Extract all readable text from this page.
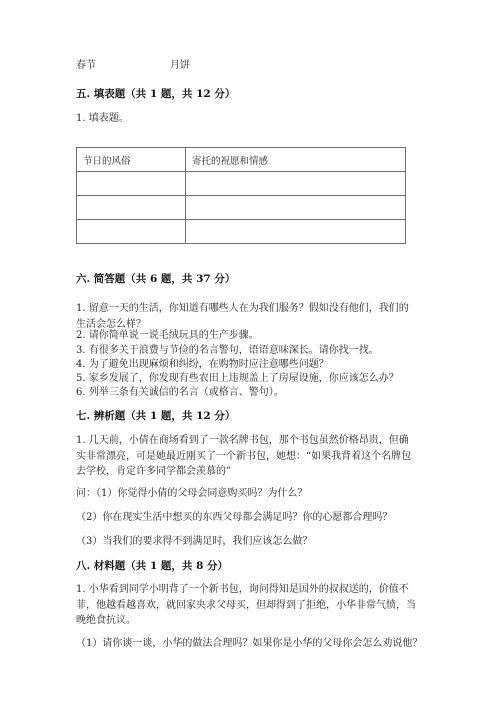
春节	月饼
五. 填表题（共 1 题，共 12 分）
1. 填表题。
节日的风俗	寄托的祝愿和情感

六. 简答题（共 6 题，共 37 分）
1. 留意一天的生活，你知道有哪些人在为我们服务？假如没有他们，我们的生活会怎么样？
2. 请你简单说一说毛绒玩具的生产步骤。
3. 有很多关于浪费与节俭的名言警句，语语意味深长。请你找一找。
4. 为了避免出现麻烦和纠纷，在购物时应注意哪些问题？
5. 家乡发展了，你发现有些农田上违规盖上了房屋设施，你应该怎么办？
6. 列举三条有关诚信的名言（或格言、警句）。
七. 辨析题（共 1 题，共 12 分）
1. 几天前，小倩在商场看到了一款名牌书包，那个书包虽然价格昂贵，但确实非常漂亮，可是她最近刚买了一个新书包，她想：“如果我背着这个名牌包去学校，肯定许多同学都会羡慕的”
问：（1）你觉得小倩的父母会同意购买吗？为什么？
（2）你在现实生活中想买的东西父母都会满足吗？你的心愿都合理吗？
（3）当我们的要求得不到满足时，我们应该怎么做？
八. 材料题（共 1 题，共 8 分）
1. 小华看到同学小明背了一个新书包，询问得知是国外的叔叔送的，价值不菲，他越看越喜欢，就回家央求父母买，但却得到了拒绝，小华非常气愤，当晚绝食抗议。
（1）请你谈一谈，小华的做法合理吗？如果你是小华的父母你会怎么劝说他？
